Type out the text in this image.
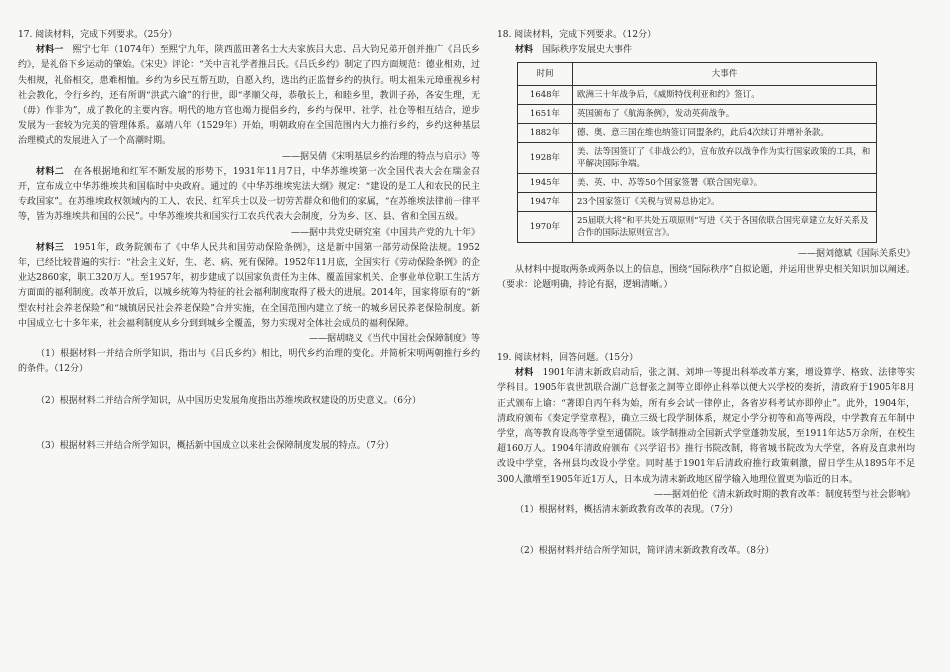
17. 阅读材料，完成下列要求。（25分）

材料一　 熙宁七年（1074年）至熙宁九年，陕西蓝田著名士大夫家族吕大忠、吕大钧兄弟开创并推广《吕氏乡约》，是礼俗下乡运动的肇始。《宋史》评论：“关中言礼学者推吕氏。《吕氏乡约》制定了四方面规范：德业相劝，过失相规，礼俗相交，患难相恤。乡约为乡民互帮互助，自愿入约，选出约正监督乡约的执行。明太祖朱元璋重视乡村社会教化，令行乡约，还有所谓“洪武六谕”的行世，即“孝顺父母，恭敬长上，和睦乡里，教训子孙，各安生理，无（毋）作非为”，成了教化的主要内容。明代的地方官也竭力提倡乡约，乡约与保甲、社学、社仓等相互结合，逆步发展为一套较为完美的管理体系。嘉靖八年（1529年）开始，明朝政府在全国范围内大力推行乡约，乡约这种基层治理模式的发展进入了一个高潮时期。

——据吴倩《宋明基层乡约治理的特点与启示》等

材料二　 在各根据地和红军不断发展的形势下，1931年11月7日，中华苏维埃第一次全国代表大会在瑞金召开，宣布成立中华苏维埃共和国临时中央政府。通过的《中华苏维埃宪法大纲》规定：“建设的是工人和农民的民主专政国家”。在苏维埃政权领域内的工人、农民、红军兵士以及一切劳苦群众和他们的家属，“在苏维埃法律前一律平等，皆为苏维埃共和国的公民”。中华苏维埃共和国实行工农兵代表大会制度，分为乡、区、县、省和全国五级。

——据中共党史研究室《中国共产党的九十年》

材料三　 1951年，政务院颁布了《中华人民共和国劳动保险条例》，这是新中国第一部劳动保险法规。1952年，已经比较普遍的实行：“社会主义好，生、老、病、死有保障。1952年11月底，全国实行《劳动保险条例》的企业达2860家，职工320万人。至1957年，初步建成了以国家负责任为主体、覆盖国家机关、企事业单位职工生活方方面面的福利制度。改革开放后，以城乡统筹为特征的社会福利制度取得了极大的进展。2014年，国家将原有的“新型农村社会养老保险”和“城镇居民社会养老保险”合并实施，在全国范围内建立了统一的城乡居民养老保险制度。新中国成立七十多年来，社会福利制度从乡分到到城乡全覆盖，努力实现对全体社会成员的福利保障。

——据胡晓义《当代中国社会保障制度》等

（1）根据材料一并结合所学知识，指出与《吕氏乡约》相比，明代乡约治理的变化。并简析宋明两朝推行乡约的条件。（12分）

（2）根据材料二并结合所学知识，从中国历史发展角度指出苏维埃政权建设的历史意义。（6分）

（3）根据材料三并结合所学知识，概括新中国成立以来社会保障制度发展的特点。（7分）

18. 阅读材料，完成下列要求。（12分）

材料　 国际秩序发展史大事件

时间	大事件
1648年	欧洲三十年战争后，《威斯特伐利亚和约》签订。
1651年	英国颁布了《航海条例》，发动英荷战争。
1882年	德、奥、意三国在维也纳签订同盟条约，此后4次续订并增补条款。
1928年	美、法等国签订了《非战公约》，宣布放弃以战争作为实行国家政策的工具，和平解决国际争端。
1945年	美、英、中、苏等50个国家签署《联合国宪章》。
1947年	23个国家签订《关税与贸易总协定》。
1970年	25届联大将“和平共处五项原则”写进《关于各国依联合国宪章建立友好关系及合作的国际法原则宣言》。

——据刘德斌《国际关系史》

从材料中提取两条或两条以上的信息，围绕“国际秩序”自拟论题，并运用世界史相关知识加以阐述。（要求：论题明确，持论有据，逻辑清晰。）

19. 阅读材料，回答问题。（15分）

材料　 1901年清末新政启动后，张之洞、刘坤一等提出科举改革方案，增设算学、格致、法律等实学科目。1905年袁世凯联合湖广总督张之洞等立即停止科举以便大兴学校的奏折，清政府于1905年8月正式颁布上谕：“著即自丙午科为始，所有乡会试一律停止，各省岁科考试亦即停止”。此外，1904年，清政府颁布《奏定学堂章程》，确立三级七段学制体系，规定小学分初等和高等两段，中学教育五年制中学堂，高等教育设高等学堂至通儒院。该学制推动全国新式学堂蓬勃发展，至1911年达5万余所，在校生超160万人。1904年清政府颁布《兴学诏书》推行书院改制，将省城书院改为大学堂，各府及直隶州均改设中学堂，各州县均改设小学堂。同时基于1901年后清政府推行政策刺激，留日学生从1895年不足300人激增至1905年近1万人，日本成为清末新政地区留学输入地理位置更为临近的日本。

——据刘伯伦《清末新政时期的教育改革：制度转型与社会影响》

（1）根据材料，概括清末新政教育改革的表现。（7分）

（2）根据材料并结合所学知识，简评清末新政教育改革。（8分）
